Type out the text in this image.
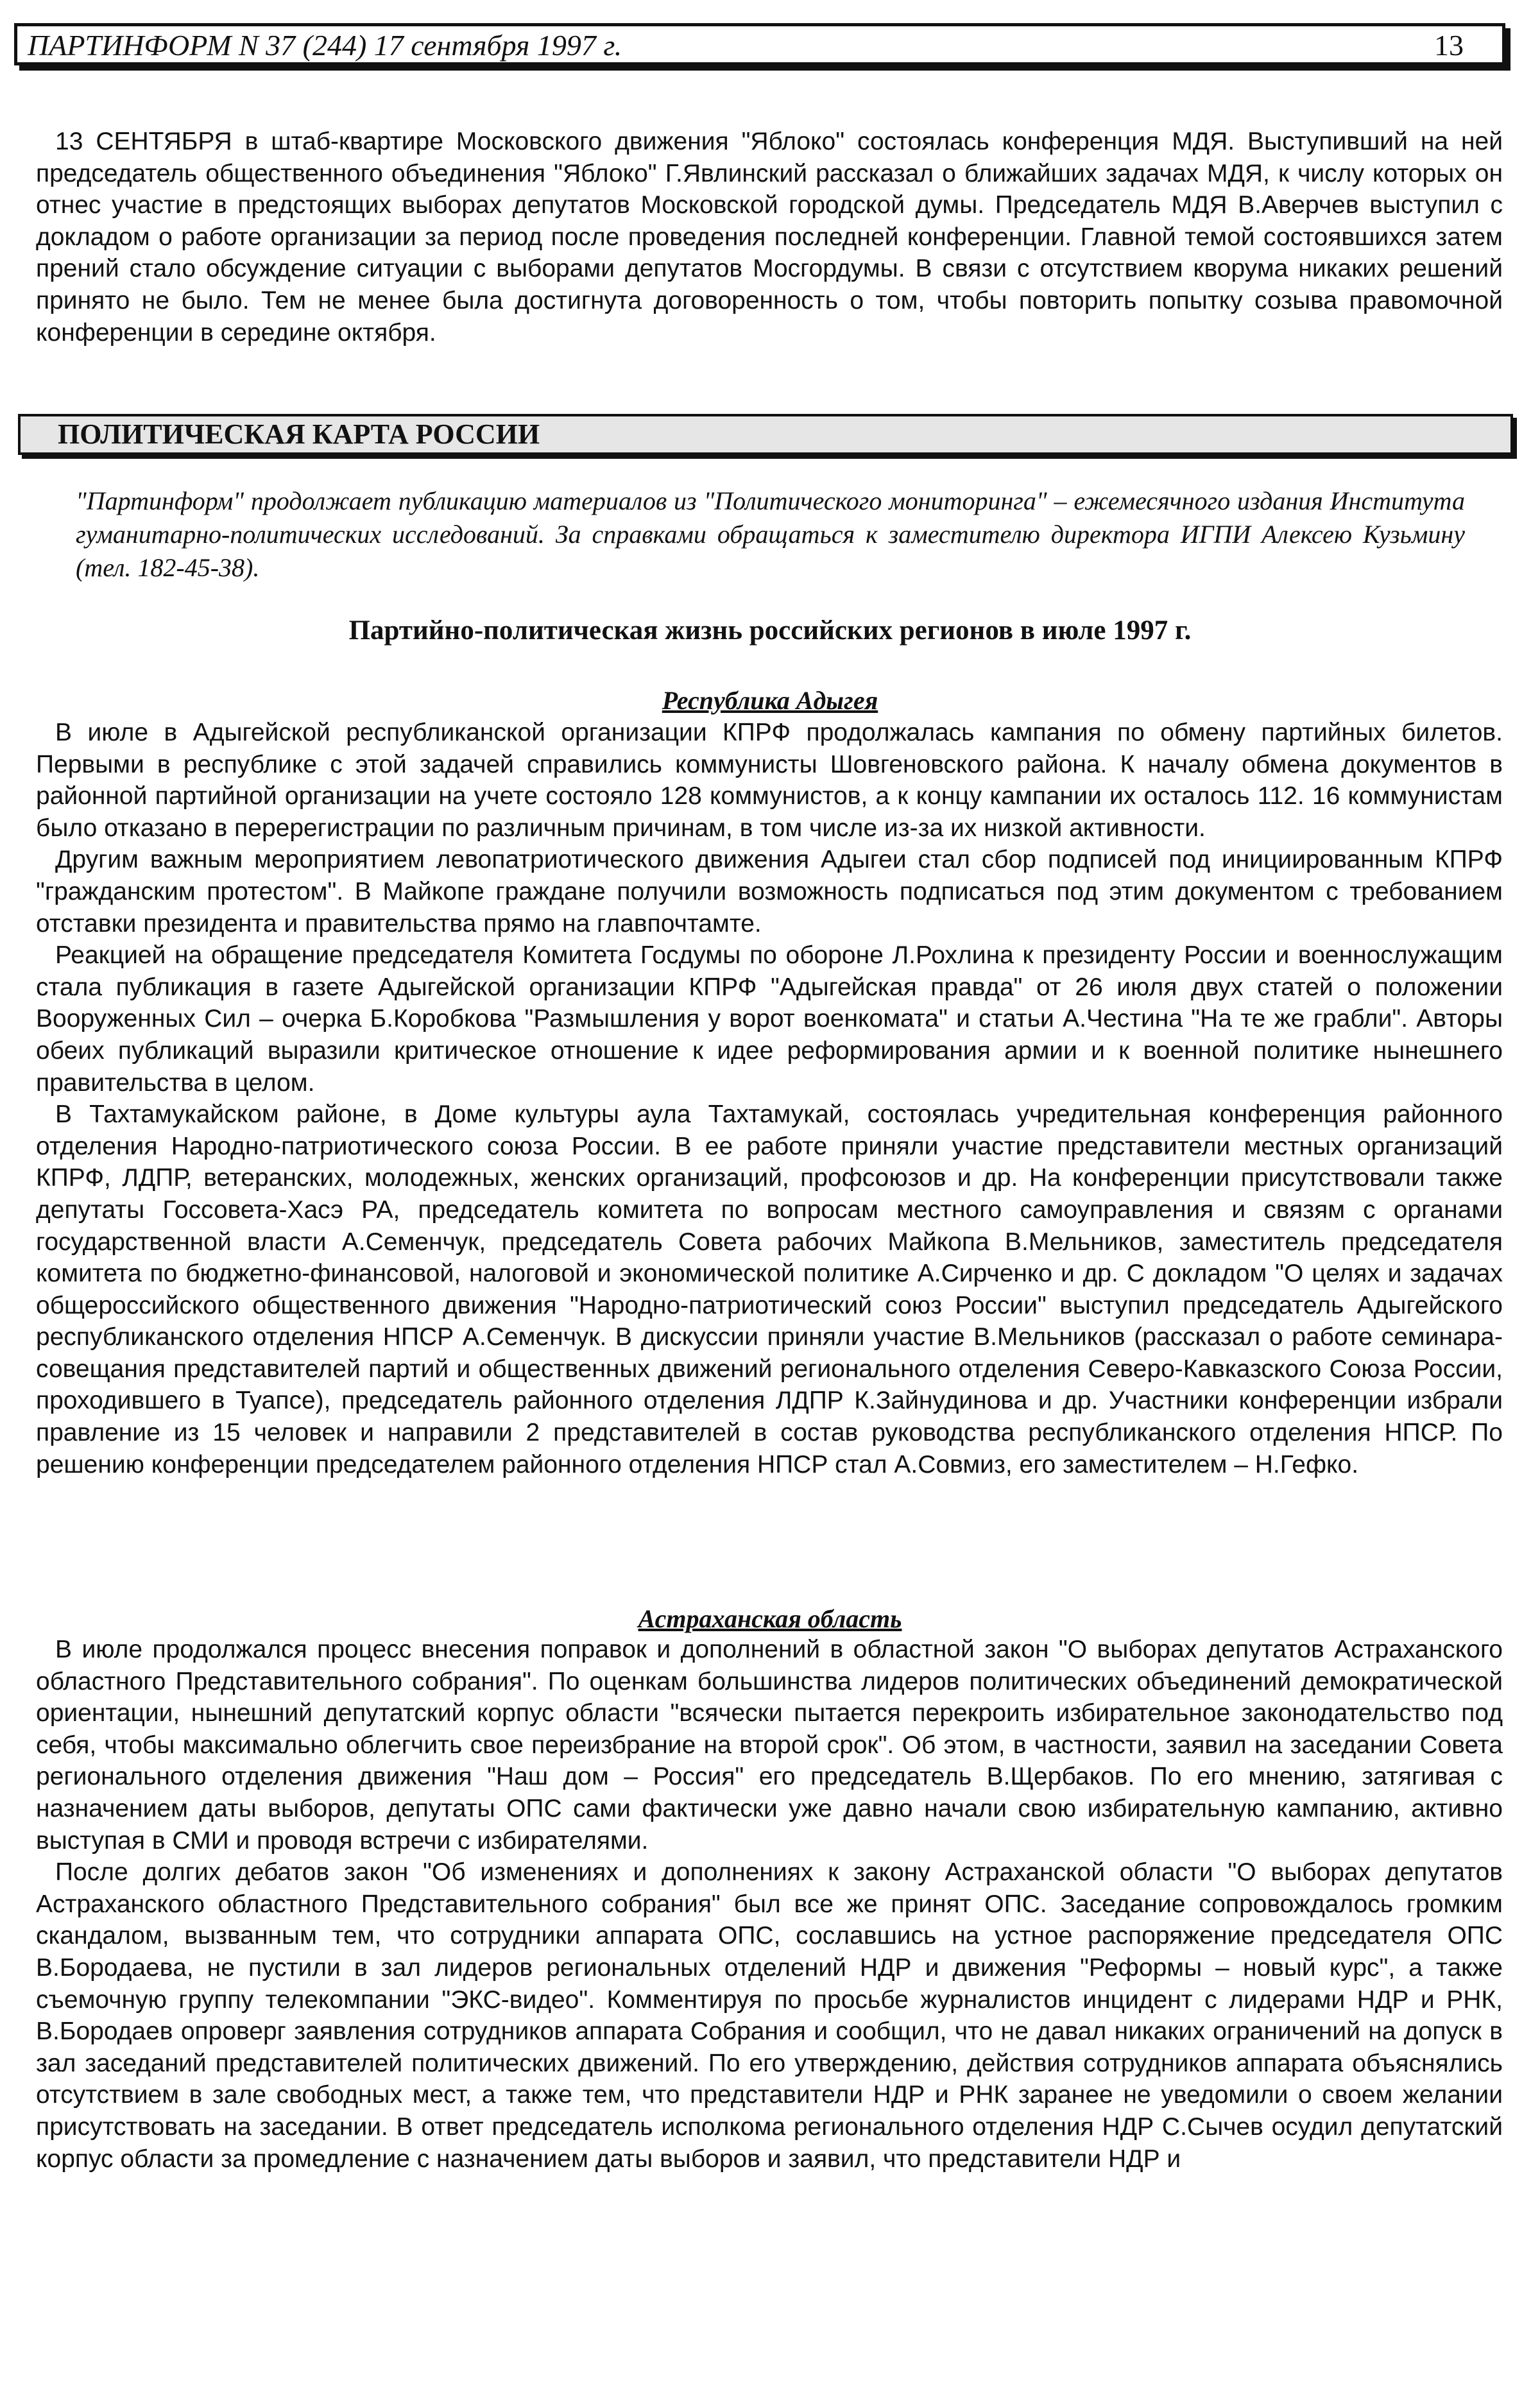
ПАРТИНФОРМ N 37 (244) 17 сентября 1997 г.	13

13 СЕНТЯБРЯ в штаб-квартире Московского движения "Яблоко" состоялась конференция МДЯ. Выступивший на ней председатель общественного объединения "Яблоко" Г.Явлинский рассказал о ближайших задачах МДЯ, к числу которых он отнес участие в предстоящих выборах депутатов Московской городской думы. Председатель МДЯ В.Аверчев выступил с докладом о работе организации за период после проведения последней конференции. Главной темой состоявшихся затем прений стало обсуждение ситуации с выборами депутатов Мосгордумы. В связи с отсутствием кворума никаких решений принято не было. Тем не менее была достигнута договоренность о том, чтобы повторить попытку созыва правомочной конференции в середине октября.

ПОЛИТИЧЕСКАЯ КАРТА РОССИИ
"Партинформ" продолжает публикацию материалов из "Политического мониторинга" – ежемесячного издания Института гуманитарно-политических исследований. За справками обращаться к заместителю директора ИГПИ Алексею Кузьмину (тел. 182-45-38).
Партийно-политическая жизнь российских регионов в июле 1997 г.
Республика Адыгея

В июле в Адыгейской республиканской организации КПРФ продолжалась кампания по обмену партийных билетов. Первыми в республике с этой задачей справились коммунисты Шовгеновского района. К началу обмена документов в районной партийной организации на учете состояло 128 коммунистов, а к концу кампании их осталось 112. 16 коммунистам было отказано в перерегистрации по различным причинам, в том числе из-за их низкой активности.

Другим важным мероприятием левопатриотического движения Адыгеи стал сбор подписей под инициированным КПРФ "гражданским протестом". В Майкопе граждане получили возможность подписаться под этим документом с требованием отставки президента и правительства прямо на главпочтамте.

Реакцией на обращение председателя Комитета Госдумы по обороне Л.Рохлина к президенту России и военнослужащим стала публикация в газете Адыгейской организации КПРФ "Адыгейская правда" от 26 июля двух статей о положении Вооруженных Сил – очерка Б.Коробкова "Размышления у ворот военкомата" и статьи А.Честина "На те же грабли". Авторы обеих публикаций выразили критическое отношение к идее реформирования армии и к военной политике нынешнего правительства в целом.

В Тахтамукайском районе, в Доме культуры аула Тахтамукай, состоялась учредительная конференция районного отделения Народно-патриотического союза России. В ее работе приняли участие представители местных организаций КПРФ, ЛДПР, ветеранских, молодежных, женских организаций, профсоюзов и др. На конференции присутствовали также депутаты Госсовета-Хасэ РА, председатель комитета по вопросам местного самоуправления и связям с органами государственной власти А.Семенчук, председатель Совета рабочих Майкопа В.Мельников, заместитель председателя комитета по бюджетно-финансовой, налоговой и экономической политике А.Сирченко и др. С докладом "О целях и задачах общероссийского общественного движения "Народно-патриотический союз России" выступил председатель Адыгейского республиканского отделения НПСР А.Семенчук. В дискуссии приняли участие В.Мельников (рассказал о работе семинара-совещания представителей партий и общественных движений регионального отделения Северо-Кавказского Союза России, проходившего в Туапсе), председатель районного отделения ЛДПР К.Зайнудинова и др. Участники конференции избрали правление из 15 человек и направили 2 представителей в состав руководства республиканского отделения НПСР. По решению конференции председателем районного отделения НПСР стал А.Совмиз, его заместителем – Н.Гефко.

Астраханская область

В июле продолжался процесс внесения поправок и дополнений в областной закон "О выборах депутатов Астраханского областного Представительного собрания". По оценкам большинства лидеров политических объединений демократической ориентации, нынешний депутатский корпус области "всячески пытается перекроить избирательное законодательство под себя, чтобы максимально облегчить свое переизбрание на второй срок". Об этом, в частности, заявил на заседании Совета регионального отделения движения "Наш дом – Россия" его председатель В.Щербаков. По его мнению, затягивая с назначением даты выборов, депутаты ОПС сами фактически уже давно начали свою избирательную кампанию, активно выступая в СМИ и проводя встречи с избирателями.

После долгих дебатов закон "Об изменениях и дополнениях к закону Астраханской области "О выборах депутатов Астраханского областного Представительного собрания" был все же принят ОПС. Заседание сопровождалось громким скандалом, вызванным тем, что сотрудники аппарата ОПС, сославшись на устное распоряжение председателя ОПС В.Бородаева, не пустили в зал лидеров региональных отделений НДР и движения "Реформы – новый курс", а также съемочную группу телекомпании "ЭКС-видео". Комментируя по просьбе журналистов инцидент с лидерами НДР и РНК, В.Бородаев опроверг заявления сотрудников аппарата Собрания и сообщил, что не давал никаких ограничений на допуск в зал заседаний представителей политических движений. По его утверждению, действия сотрудников аппарата объяснялись отсутствием в зале свободных мест, а также тем, что представители НДР и РНК заранее не уведомили о своем желании присутствовать на заседании. В ответ председатель исполкома регионального отделения НДР С.Сычев осудил депутатский корпус области за промедление с назначением даты выборов и заявил, что представители НДР и
